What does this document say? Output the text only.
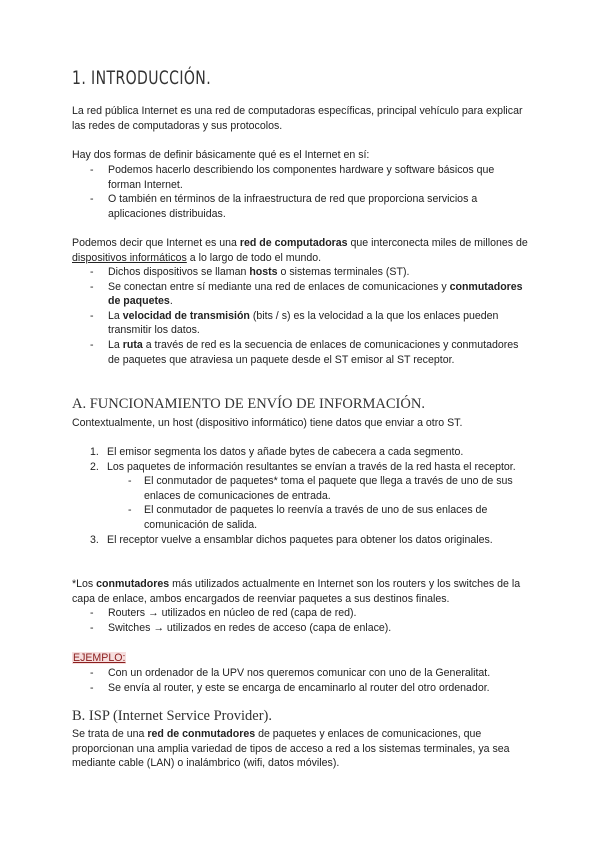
1. INTRODUCCIÓN.
La red pública Internet es una red de computadoras específicas, principal vehículo para explicar las redes de computadoras y sus protocolos.
Hay dos formas de definir básicamente qué es el Internet en sí:
- Podemos hacerlo describiendo los componentes hardware y software básicos que forman Internet.
- O también en términos de la infraestructura de red que proporciona servicios a aplicaciones distribuidas.
Podemos decir que Internet es una red de computadoras que interconecta miles de millones de dispositivos informáticos a lo largo de todo el mundo.
- Dichos dispositivos se llaman hosts o sistemas terminales (ST).
- Se conectan entre sí mediante una red de enlaces de comunicaciones y conmutadores de paquetes.
- La velocidad de transmisión (bits / s) es la velocidad a la que los enlaces pueden transmitir los datos.
- La ruta a través de red es la secuencia de enlaces de comunicaciones y conmutadores de paquetes que atraviesa un paquete desde el ST emisor al ST receptor.
A. FUNCIONAMIENTO DE ENVÍO DE INFORMACIÓN.
Contextualmente, un host (dispositivo informático) tiene datos que enviar a otro ST.
1. El emisor segmenta los datos y añade bytes de cabecera a cada segmento.
2. Los paquetes de información resultantes se envían a través de la red hasta el receptor.
- El conmutador de paquetes* toma el paquete que llega a través de uno de sus enlaces de comunicaciones de entrada.
- El conmutador de paquetes lo reenvía a través de uno de sus enlaces de comunicación de salida.
3. El receptor vuelve a ensamblar dichos paquetes para obtener los datos originales.
*Los conmutadores más utilizados actualmente en Internet son los routers y los switches de la capa de enlace, ambos encargados de reenviar paquetes a sus destinos finales.
- Routers → utilizados en núcleo de red (capa de red).
- Switches → utilizados en redes de acceso (capa de enlace).
EJEMPLO:
- Con un ordenador de la UPV nos queremos comunicar con uno de la Generalitat.
- Se envía al router, y este se encarga de encaminarlo al router del otro ordenador.
B. ISP (Internet Service Provider).
Se trata de una red de conmutadores de paquetes y enlaces de comunicaciones, que proporcionan una amplia variedad de tipos de acceso a red a los sistemas terminales, ya sea mediante cable (LAN) o inalámbrico (wifi, datos móviles).
